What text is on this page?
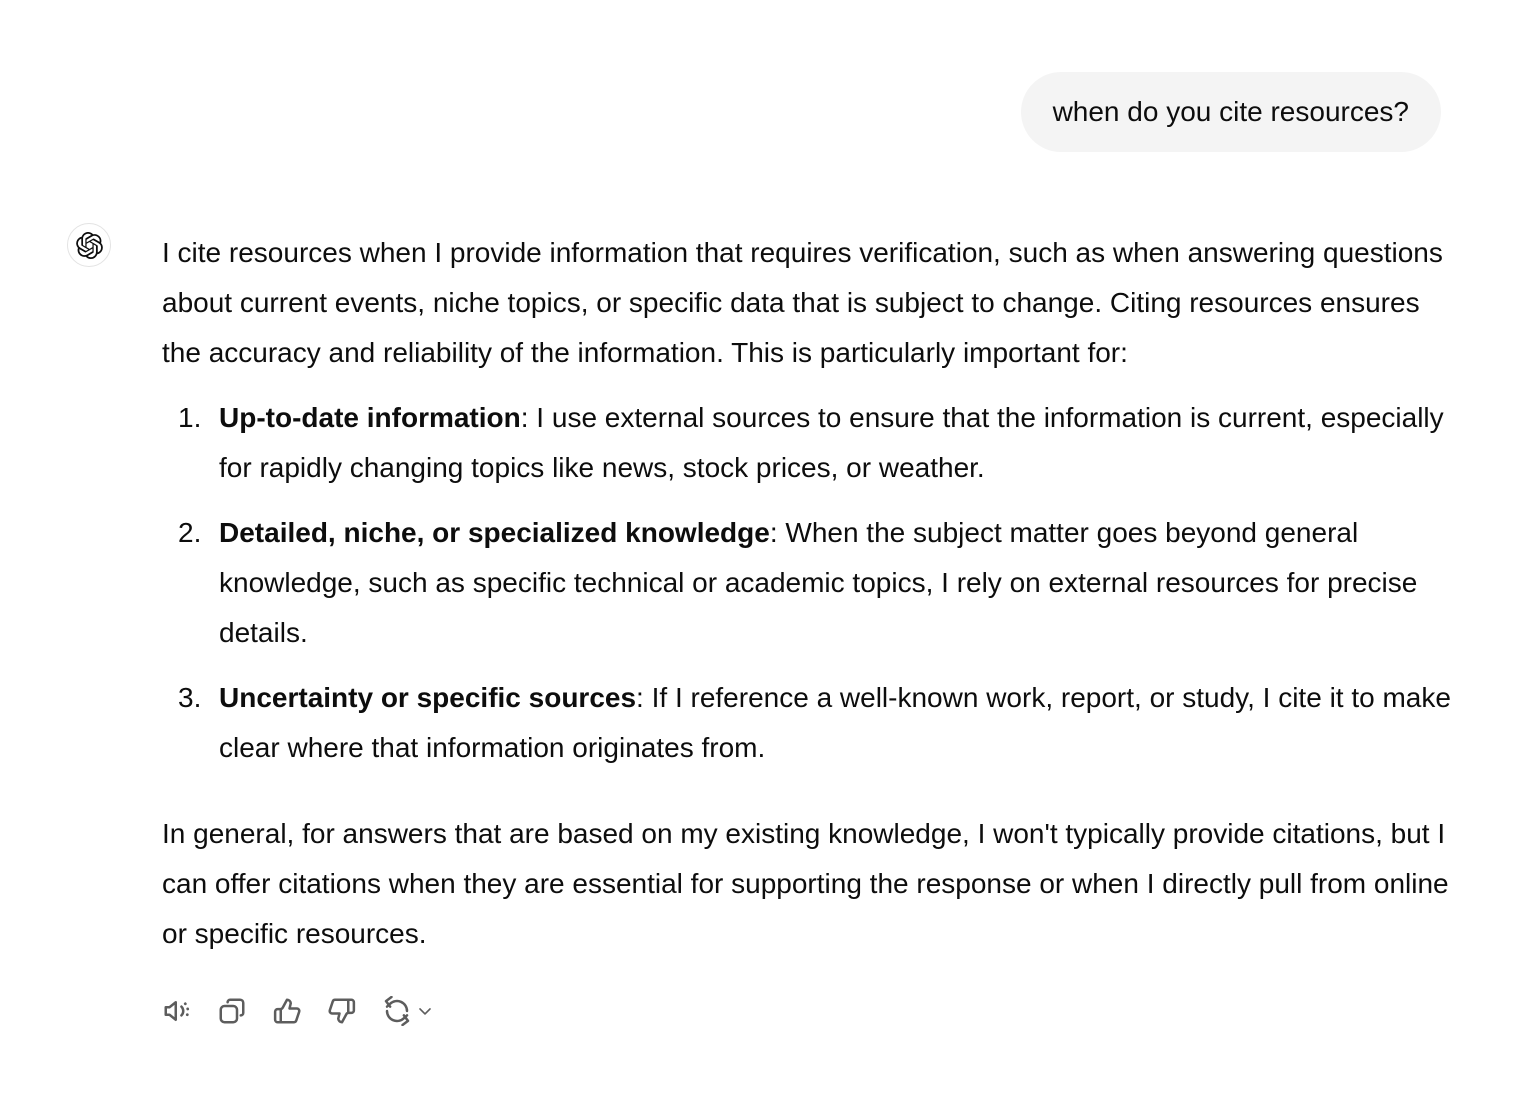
when do you cite resources?

I cite resources when I provide information that requires verification, such as when answering questions about current events, niche topics, or specific data that is subject to change. Citing resources ensures the accuracy and reliability of the information. This is particularly important for:

1. Up-to-date information: I use external sources to ensure that the information is current, especially for rapidly changing topics like news, stock prices, or weather.

2. Detailed, niche, or specialized knowledge: When the subject matter goes beyond general knowledge, such as specific technical or academic topics, I rely on external resources for precise details.

3. Uncertainty or specific sources: If I reference a well-known work, report, or study, I cite it to make clear where that information originates from.

In general, for answers that are based on my existing knowledge, I won't typically provide citations, but I can offer citations when they are essential for supporting the response or when I directly pull from online or specific resources.
